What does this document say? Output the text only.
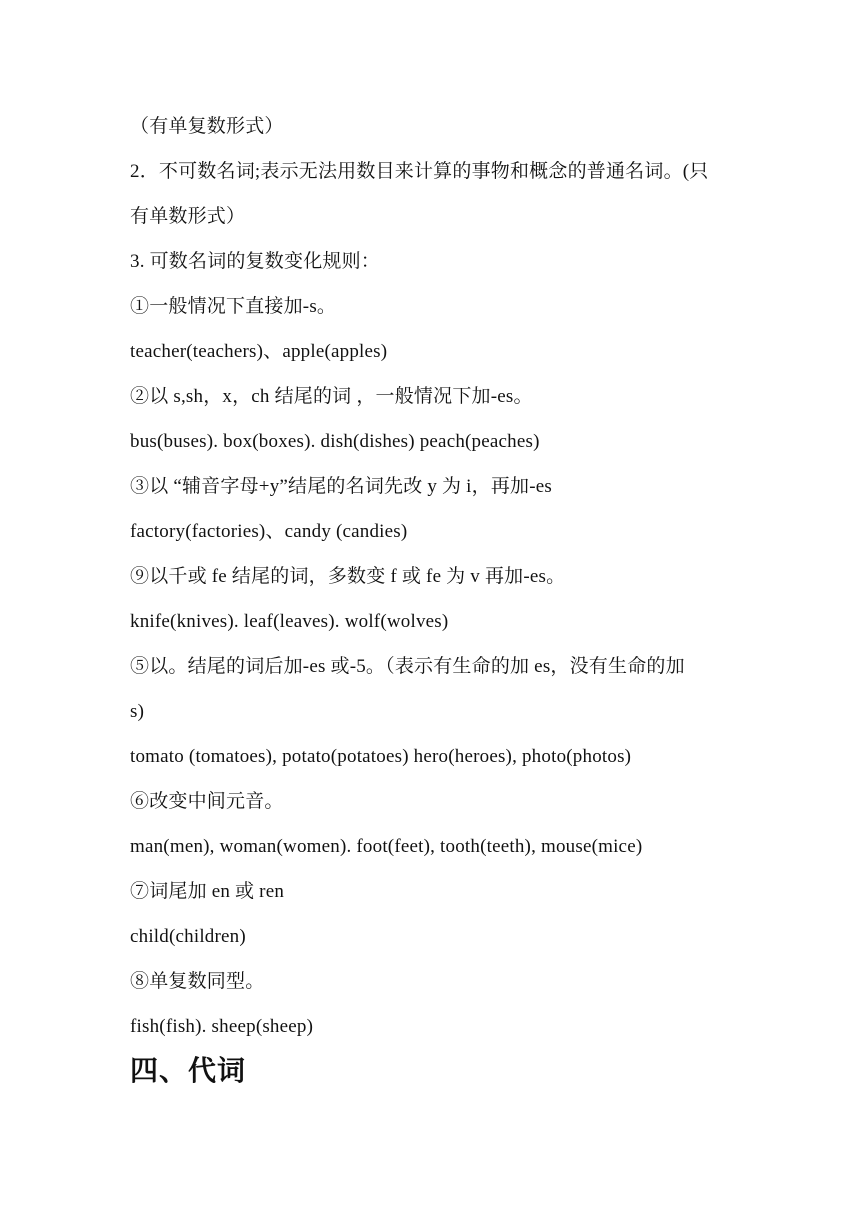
（有单复数形式）
2．不可数名词;表示无法用数目来计算的事物和概念的普通名词。(只
有单数形式）
3. 可数名词的复数变化规则：
①一般情况下直接加-s。
teacher(teachers)、apple(apples)
②以 s,sh，x，ch 结尾的词 ，一般情况下加-es。
bus(buses). box(boxes). dish(dishes) peach(peaches)
③以 “辅音字母+y”结尾的名词先改 y 为 i，再加-es
factory(factories)、candy (candies)
⑨以千或 fe 结尾的词，多数变 f 或 fe 为 v 再加-es。
knife(knives). leaf(leaves). wolf(wolves)
⑤以。结尾的词后加-es 或-5。（表示有生命的加 es，没有生命的加
s)
tomato (tomatoes), potato(potatoes) hero(heroes), photo(photos)
⑥改变中间元音。
man(men), woman(women). foot(feet), tooth(teeth), mouse(mice)
⑦词尾加 en 或 ren
child(children)
⑧单复数同型。
fish(fish). sheep(sheep)
四、代词
